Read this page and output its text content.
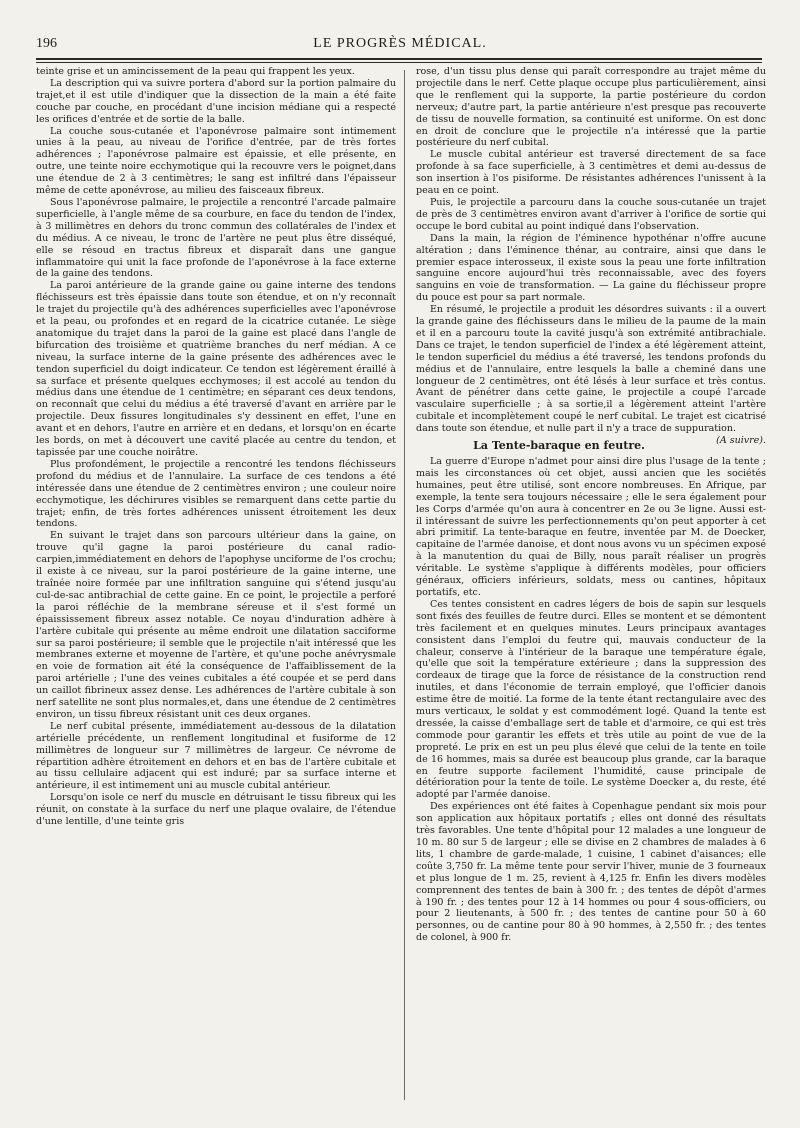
196	LE PROGRÈS MÉDICAL.

teinte grise et un amincissement de la peau qui frappent les yeux.

La description qui va suivre portera d'abord sur la portion palmaire du trajet,et il est utile d'indiquer que la dissection de la main a été faite couche par couche, en procédant d'une incision médiane qui a respecté les orifices d'entrée et de sortie de la balle.

La couche sous-cutanée et l'aponévrose palmaire sont intimement unies à la peau, au niveau de l'orifice d'entrée, par de très fortes adhérences ; l'aponévrose palmaire est épaissie, et elle présente, en outre, une teinte noire ecchymotique qui la recouvre vers le poignet,dans une étendue de 2 à 3 centimètres; le sang est infiltré dans l'épaisseur même de cette aponévrose, au milieu des faisceaux fibreux.

Sous l'aponévrose palmaire, le projectile a rencontré l'arcade palmaire superficielle, à l'angle même de sa courbure, en face du tendon de l'index, à 3 millimètres en dehors du tronc commun des collatérales de l'index et du médius. A ce niveau, le tronc de l'artère ne peut plus être disséqué, elle se résoud en tractus fibreux et disparaît dans une gangue inflammatoire qui unit la face profonde de l'aponévrose à la face externe de la gaine des tendons.

La paroi antérieure de la grande gaine ou gaine interne des tendons fléchisseurs est très épaissie dans toute son étendue, et on n'y reconnaît le trajet du projectile qu'à des adhérences superficielles avec l'aponévrose et la peau, ou profondes et en regard de la cicatrice cutanée. Le siège anatomique du trajet dans la paroi de la gaine est placé dans l'angle de bifurcation des troisième et quatrième branches du nerf médian. A ce niveau, la surface interne de la gaine présente des adhérences avec le tendon superficiel du doigt indicateur. Ce tendon est légèrement éraillé à sa surface et présente quelques ecchymoses; il est accolé au tendon du médius dans une étendue de 1 centimètre; en séparant ces deux tendons, on reconnaît que celui du médius a été traversé d'avant en arrière par le projectile. Deux fissures longitudinales s'y dessinent en effet, l'une en avant et en dehors, l'autre en arrière et en dedans, et lorsqu'on en écarte les bords, on met à découvert une cavité placée au centre du tendon, et tapissée par une couche noirâtre.

Plus profondément, le projectile a rencontré les tendons fléchisseurs profond du médius et de l'annulaire. La surface de ces tendons a été intéressée dans une étendue de 2 centimètres environ ; une couleur noire ecchymotique, les déchirures visibles se remarquent dans cette partie du trajet; enfin, de très fortes adhérences unissent étroitement les deux tendons.

En suivant le trajet dans son parcours ultérieur dans la gaine, on trouve qu'il gagne la paroi postérieure du canal radio-carpien,immédiatement en dehors de l'apophyse unciforme de l'os crochu; il existe à ce niveau, sur la paroi postérieure de la gaine interne, une traînée noire formée par une infiltration sanguine qui s'étend jusqu'au cul-de-sac antibrachial de cette gaine. En ce point, le projectile a perforé la paroi réfléchie de la membrane séreuse et il s'est formé un épaississement fibreux assez notable. Ce noyau d'induration adhère à l'artère cubitale qui présente au même endroit une dilatation sacciforme sur sa paroi postérieure; il semble que le projectile n'ait intéressé que les membranes externe et moyenne de l'artère, et qu'une poche anévrysmale en voie de formation ait été la conséquence de l'affaiblissement de la paroi artérielle ; l'une des veines cubitales a été coupée et se perd dans un caillot fibrineux assez dense. Les adhérences de l'artère cubitale à son nerf satellite ne sont plus normales,et, dans une étendue de 2 centimètres environ, un tissu fibreux résistant unit ces deux organes.

Le nerf cubital présente, immédiatement au-dessous de la dilatation artérielle précédente, un renflement longitudinal et fusiforme de 12 millimètres de longueur sur 7 millimètres de largeur. Ce névrome de répartition adhère étroitement en dehors et en bas de l'artère cubitale et au tissu cellulaire adjacent qui est induré; par sa surface interne et antérieure, il est intimement uni au muscle cubital antérieur.

Lorsqu'on isole ce nerf du muscle en détruisant le tissu fibreux qui les réunit, on constate à la surface du nerf une plaque ovalaire, de l'étendue d'une lentille, d'une teinte gris

rose, d'un tissu plus dense qui paraît correspondre au trajet même du projectile dans le nerf. Cette plaque occupe plus particulièrement, ainsi que le renflement qui la supporte, la partie postérieure du cordon nerveux; d'autre part, la partie antérieure n'est presque pas recouverte de tissu de nouvelle formation, sa continuité est uniforme. On est donc en droit de conclure que le projectile n'a intéressé que la partie postérieure du nerf cubital.

Le muscle cubital antérieur est traversé directement de sa face profonde à sa face superficielle, à 3 centimètres et demi au-dessus de son insertion à l'os pisiforme. De résistantes adhérences l'unissent à la peau en ce point.

Puis, le projectile a parcouru dans la couche sous-cutanée un trajet de près de 3 centimètres environ avant d'arriver à l'orifice de sortie qui occupe le bord cubital au point indiqué dans l'observation.

Dans la main, la région de l'éminence hypothénar n'offre aucune altération ; dans l'éminence thénar, au contraire, ainsi que dans le premier espace interosseux, il existe sous la peau une forte infiltration sanguine encore aujourd'hui très reconnaissable, avec des foyers sanguins en voie de transformation. — La gaine du fléchisseur propre du pouce est pour sa part normale.

En résumé, le projectile a produit les désordres suivants : il a ouvert la grande gaine des fléchisseurs dans le milieu de la paume de la main et il en a parcouru toute la cavité jusqu'à son extrémité antibrachiale. Dans ce trajet, le tendon superficiel de l'index a été légèrement atteint, le tendon superficiel du médius a été traversé, les tendons profonds du médius et de l'annulaire, entre lesquels la balle a cheminé dans une longueur de 2 centimètres, ont été lésés à leur surface et très contus. Avant de pénétrer dans cette gaine, le projectile a coupé l'arcade vasculaire superficielle ; à sa sortie,il a légèrement atteint l'artère cubitale et incomplètement coupé le nerf cubital. Le trajet est cicatrisé dans toute son étendue, et nulle part il n'y a trace de suppuration.
(A suivre).

La Tente-baraque en feutre.

La guerre d'Europe n'admet pour ainsi dire plus l'usage de la tente ; mais les circonstances où cet objet, aussi ancien que les sociétés humaines, peut être utilisé, sont encore nombreuses. En Afrique, par exemple, la tente sera toujours nécessaire ; elle le sera également pour les Corps d'armée qu'on aura à concentrer en 2e ou 3e ligne. Aussi est-il intéressant de suivre les perfectionnements qu'on peut apporter à cet abri primitif. La tente-baraque en feutre, inventée par M. de Doecker, capitaine de l'armée danoise, et dont nous avons vu un spécimen exposé à la manutention du quai de Billy, nous paraît réaliser un progrès véritable. Le système s'applique à différents modèles, pour officiers généraux, officiers inférieurs, soldats, mess ou cantines, hôpitaux portatifs, etc.

Ces tentes consistent en cadres légers de bois de sapin sur lesquels sont fixés des feuilles de feutre durci. Elles se montent et se démontent très facilement et en quelques minutes. Leurs principaux avantages consistent dans l'emploi du feutre qui, mauvais conducteur de la chaleur, conserve à l'intérieur de la baraque une température égale, qu'elle que soit la température extérieure ; dans la suppression des cordeaux de tirage que la force de résistance de la construction rend inutiles, et dans l'économie de terrain employé, que l'officier danois estime être de moitié. La forme de la tente étant rectangulaire avec des murs verticaux, le soldat y est commodément logé. Quand la tente est dressée, la caisse d'emballage sert de table et d'armoire, ce qui est très commode pour garantir les effets et très utile au point de vue de la propreté. Le prix en est un peu plus élevé que celui de la tente en toile de 16 hommes, mais sa durée est beaucoup plus grande, car la baraque en feutre supporte facilement l'humidité, cause principale de détérioration pour la tente de toile. Le système Doecker a, du reste, été adopté par l'armée danoise.

Des expériences ont été faites à Copenhague pendant six mois pour son application aux hôpitaux portatifs ; elles ont donné des résultats très favorables. Une tente d'hôpital pour 12 malades a une longueur de 10 m. 80 sur 5 de largeur ; elle se divise en 2 chambres de malades à 6 lits, 1 chambre de garde-malade, 1 cuisine, 1 cabinet d'aisances; elle coûte 3,750 fr. La même tente pour servir l'hiver, munie de 3 fourneaux et plus longue de 1 m. 25, revient à 4,125 fr. Enfin les divers modèles comprennent des tentes de bain à 300 fr. ; des tentes de dépôt d'armes à 190 fr. ; des tentes pour 12 à 14 hommes ou pour 4 sous-officiers, ou pour 2 lieutenants, à 500 fr. ; des tentes de cantine pour 50 à 60 personnes, ou de cantine pour 80 à 90 hommes, à 2,550 fr. ; des tentes de colonel, à 900 fr.
